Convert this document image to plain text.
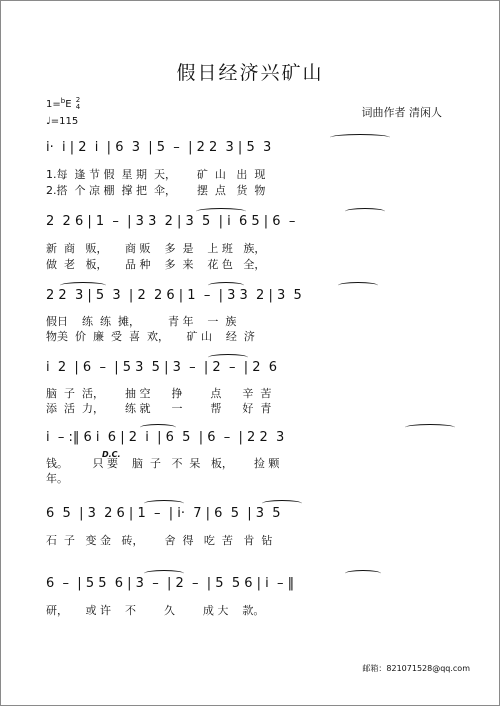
假日经济兴矿山
1=$^b$E 2
4
♩=115
词曲作者 清闲人
i·  i | 2  i  | 6  3  | 5  –  | 2 2  3 | 5  3
1.每  逢 节 假  星 期  天，      矿  山   出  现
2.搭  个 凉 棚  撑 把  伞，      摆  点   货  物
2  2 6 | 1  –  | 3 3  2 | 3  5  | i  6 5 | 6  –
新  商   贩，     商 贩    多  是    上 班   族，
做  老   板，     品 种    多  来    花 色   全，
2 2  3 | 5  3  | 2  2 6 | 1  –  | 3 3  2 | 3  5
假日    练  练  摊，        青 年    一  族
物美  价  廉  受  喜  欢，     矿 山    经  济
i  2  | 6  –  | 5 3  5 | 3  –  | 2  –  | 2  6
脑  子  活，      抽 空      挣        点      辛  苦
添  活  力，      练 就      一        帮      好  青
i  – :‖ 6 i  6 | 2  i  | 6  5  | 6  –  | 2 2  3
D.C.
钱。       只 要    脑  子   不  呆   板，      捡 颗
年。
6  5  | 3  2 6 | 1  –  | i·  7 | 6  5  | 3  5
石  子   变 金   砖，      舍  得   吃  苦   肯  钻
6  –  | 5 5  6 | 3  –  | 2  –  | 5  5 6 | i  – ‖
研，     或 许    不        久        成 大    款。
邮箱：821071528@qq.com
